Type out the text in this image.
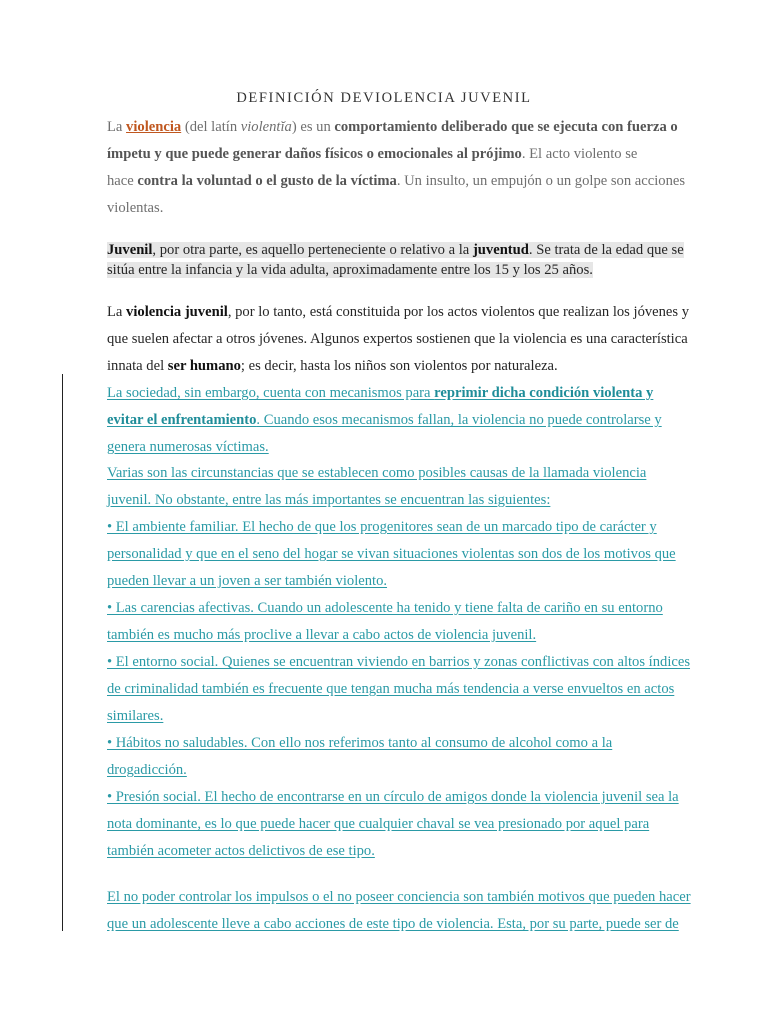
DEFINICIÓN DEVIOLENCIA JUVENIL
La violencia (del latín violentĭa) es un comportamiento deliberado que se ejecuta con fuerza o
ímpetu y que puede generar daños físicos o emocionales al prójimo. El acto violento se
hace contra la voluntad o el gusto de la víctima. Un insulto, un empujón o un golpe son acciones
violentas.
Juvenil, por otra parte, es aquello perteneciente o relativo a la juventud. Se trata de la edad que se
sitúa entre la infancia y la vida adulta, aproximadamente entre los 15 y los 25 años.
La violencia juvenil, por lo tanto, está constituida por los actos violentos que realizan los jóvenes y
que suelen afectar a otros jóvenes. Algunos expertos sostienen que la violencia es una característica
innata del ser humano; es decir, hasta los niños son violentos por naturaleza.
La sociedad, sin embargo, cuenta con mecanismos para reprimir dicha condición violenta y
evitar el enfrentamiento. Cuando esos mecanismos fallan, la violencia no puede controlarse y
genera numerosas víctimas.
Varias son las circunstancias que se establecen como posibles causas de la llamada violencia
juvenil. No obstante, entre las más importantes se encuentran las siguientes:
• El ambiente familiar. El hecho de que los progenitores sean de un marcado tipo de carácter y
personalidad y que en el seno del hogar se vivan situaciones violentas son dos de los motivos que
pueden llevar a un joven a ser también violento.
• Las carencias afectivas. Cuando un adolescente ha tenido y tiene falta de cariño en su entorno
también es mucho más proclive a llevar a cabo actos de violencia juvenil.
• El entorno social. Quienes se encuentran viviendo en barrios y zonas conflictivas con altos índices
de criminalidad también es frecuente que tengan mucha más tendencia a verse envueltos en actos
similares.
• Hábitos no saludables. Con ello nos referimos tanto al consumo de alcohol como a la
drogadicción.
• Presión social. El hecho de encontrarse en un círculo de amigos donde la violencia juvenil sea la
nota dominante, es lo que puede hacer que cualquier chaval se vea presionado por aquel para
también acometer actos delictivos de ese tipo.
El no poder controlar los impulsos o el no poseer conciencia son también motivos que pueden hacer
que un adolescente lleve a cabo acciones de este tipo de violencia. Esta, por su parte, puede ser de
